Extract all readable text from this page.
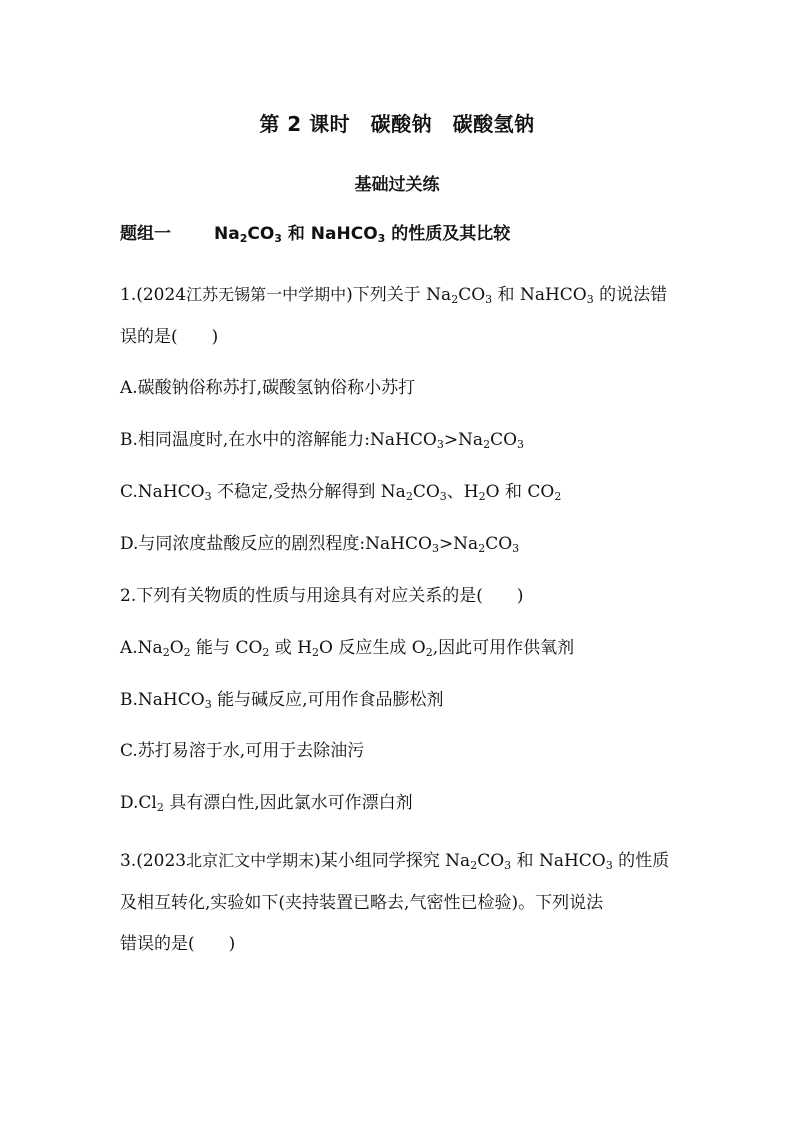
第 2 课时　碳酸钠　碳酸氢钠
基础过关练
题组一	$Na_2CO_3$ 和 NaHCO$_3$ 的性质及其比较
1.(2024江苏无锡第一中学期中)下列关于 $Na_2CO_3$ 和 NaHCO$_3$ 的说法错
误的是(　　)
A.碳酸钠俗称苏打,碳酸氢钠俗称小苏打
B.相同温度时,在水中的溶解能力$:NaHCO_3>Na_2CO_3$
C.NaHCO$_3$ 不稳定,受热分解得到 $Na_2CO_3$、$H_2O$ 和 $CO_2$
D.与同浓度盐酸反应的剧烈程度$:NaHCO_3>Na_2CO_3$
2.下列有关物质的性质与用途具有对应关系的是(　　)
$A.Na_2O_2$ 能与 $CO_2$ 或 $H_2O$ 反应生成 $O_2$,因此可用作供氧剂
B.NaHCO$_3$ 能与碱反应,可用作食品膨松剂
C.苏打易溶于水,可用于去除油污
$D.Cl_2$ 具有漂白性,因此氯水可作漂白剂
3.(2023北京汇文中学期末)某小组同学探究 $Na_2CO_3$ 和 NaHCO$_3$ 的性质
及相互转化,实验如下(夹持装置已略去,气密性已检验)。下列说法
错误的是(　　)
